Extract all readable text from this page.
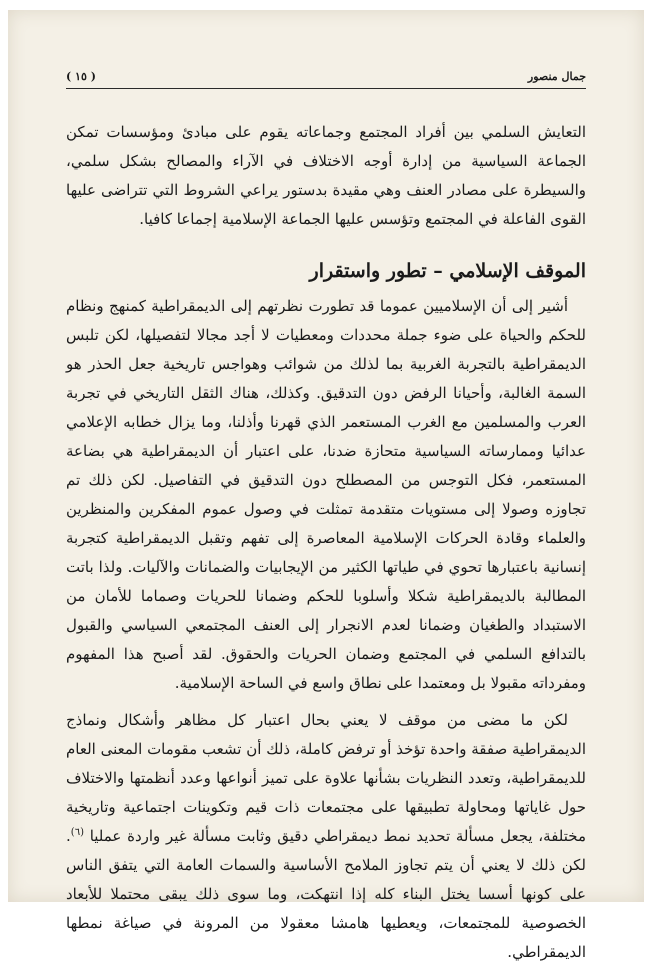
جمال منصور
( ١٥ )

التعايش السلمي بين أفراد المجتمع وجماعاته يقوم على مبادئ ومؤسسات تمكن الجماعة السياسية من إدارة أوجه الاختلاف في الآراء والمصالح بشكل سلمي، والسيطرة على مصادر العنف وهي مقيدة بدستور يراعي الشروط التي تتراضى عليها القوى الفاعلة في المجتمع وتؤسس عليها الجماعة الإسلامية إجماعا كافيا.

الموقف الإسلامي – تطور واستقرار

أشير إلى أن الإسلاميين عموما قد تطورت نظرتهم إلى الديمقراطية كمنهج ونظام للحكم والحياة على ضوء جملة محددات ومعطيات لا أجد مجالا لتفصيلها، لكن تلبس الديمقراطية بالتجربة الغربية بما لذلك من شوائب وهواجس تاريخية جعل الحذر هو السمة الغالبة، وأحيانا الرفض دون التدقيق. وكذلك، هناك الثقل التاريخي في تجربة العرب والمسلمين مع الغرب المستعمر الذي قهرنا وأذلنا، وما يزال خطابه الإعلامي عدائيا وممارساته السياسية متحازة ضدنا، على اعتبار أن الديمقراطية هي بضاعة المستعمر، فكل التوجس من المصطلح دون التدقيق في التفاصيل. لكن ذلك تم تجاوزه وصولا إلى مستويات متقدمة تمثلت في وصول عموم المفكرين والمنظرين والعلماء وقادة الحركات الإسلامية المعاصرة إلى تفهم وتقبل الديمقراطية كتجربة إنسانية باعتبارها تحوي في طياتها الكثير من الإيجابيات والضمانات والآليات. ولذا باتت المطالبة بالديمقراطية شكلا وأسلوبا للحكم وضمانا للحريات وصماما للأمان من الاستبداد والطغيان وضمانا لعدم الانجرار إلى العنف المجتمعي السياسي والقبول بالتدافع السلمي في المجتمع وضمان الحريات والحقوق. لقد أصبح هذا المفهوم ومفرداته مقبولا بل ومعتمدا على نطاق واسع في الساحة الإسلامية.

لكن ما مضى من موقف لا يعني بحال اعتبار كل مظاهر وأشكال ونماذج الديمقراطية صفقة واحدة تؤخذ أو ترفض كاملة، ذلك أن تشعب مقومات المعنى العام للديمقراطية، وتعدد النظريات بشأنها علاوة على تميز أنواعها وعدد أنظمتها والاختلاف حول غاياتها ومحاولة تطبيقها على مجتمعات ذات قيم وتكوينات اجتماعية وتاريخية مختلفة، يجعل مسألة تحديد نمط ديمقراطي دقيق وثابت مسألة غير واردة عمليا $^{(٦)}$. لكن ذلك لا يعني أن يتم تجاوز الملامح الأساسية والسمات العامة التي يتفق الناس على كونها أسسا يختل البناء كله إذا انتهكت، وما سوى ذلك يبقى محتملا للأبعاد الخصوصية للمجتمعات، ويعطيها هامشا معقولا من المرونة في صياغة نمطها الديمقراطي.
